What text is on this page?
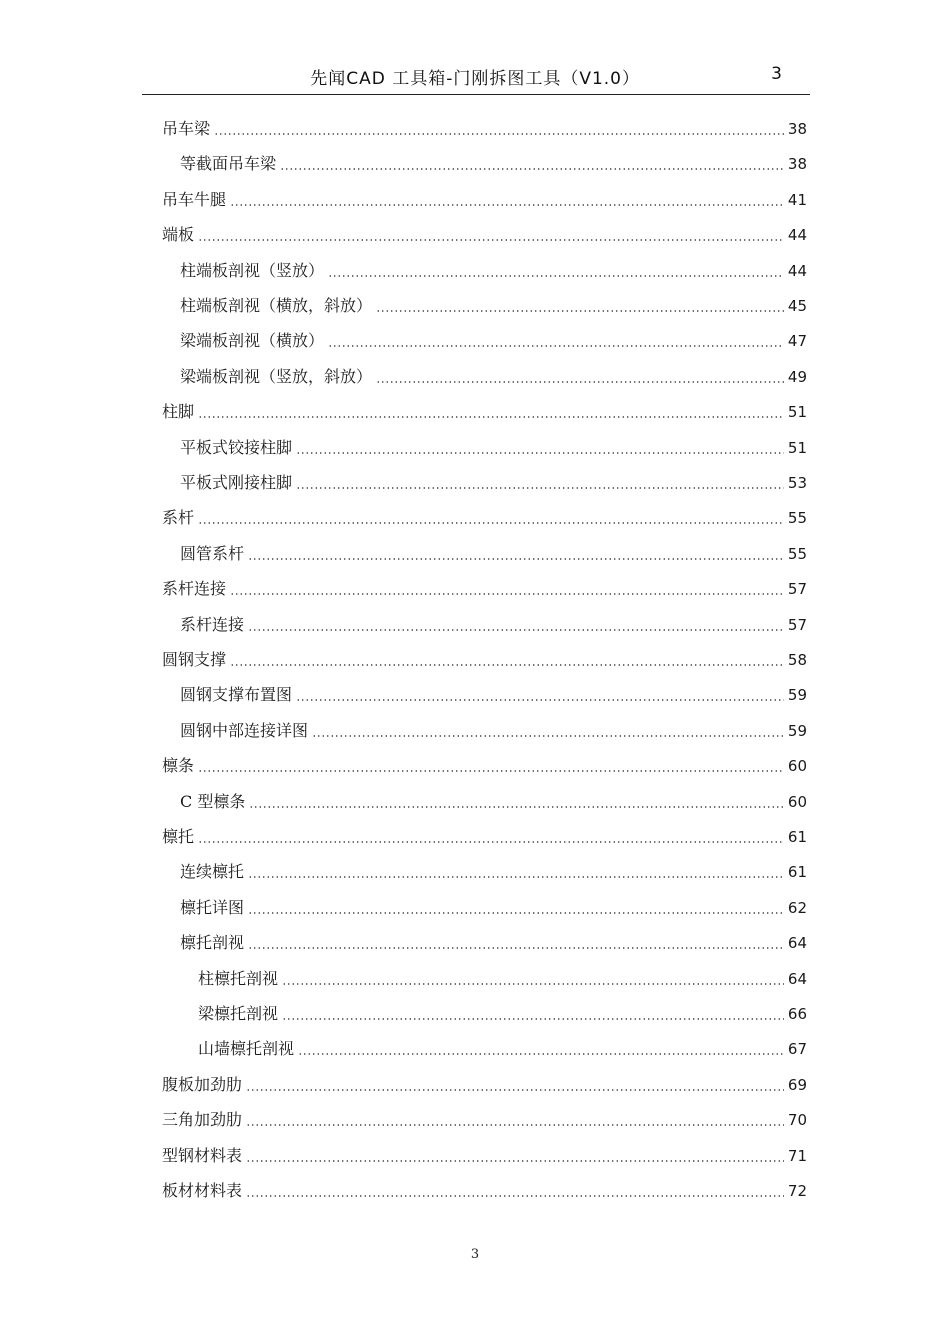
先闻CAD 工具箱-门刚拆图工具（V1.0）	3
吊车梁	38
等截面吊车梁	38
吊车牛腿	41
端板	44
柱端板剖视（竖放）	44
柱端板剖视（横放，斜放）	45
梁端板剖视（横放）	47
梁端板剖视（竖放，斜放）	49
柱脚	51
平板式铰接柱脚	51
平板式刚接柱脚	53
系杆	55
圆管系杆	55
系杆连接	57
系杆连接	57
圆钢支撑	58
圆钢支撑布置图	59
圆钢中部连接详图	59
檩条	60
C 型檩条	60
檩托	61
连续檩托	61
檩托详图	62
檩托剖视	64
柱檩托剖视	64
梁檩托剖视	66
山墙檩托剖视	67
腹板加劲肋	69
三角加劲肋	70
型钢材料表	71
板材材料表	72
3
